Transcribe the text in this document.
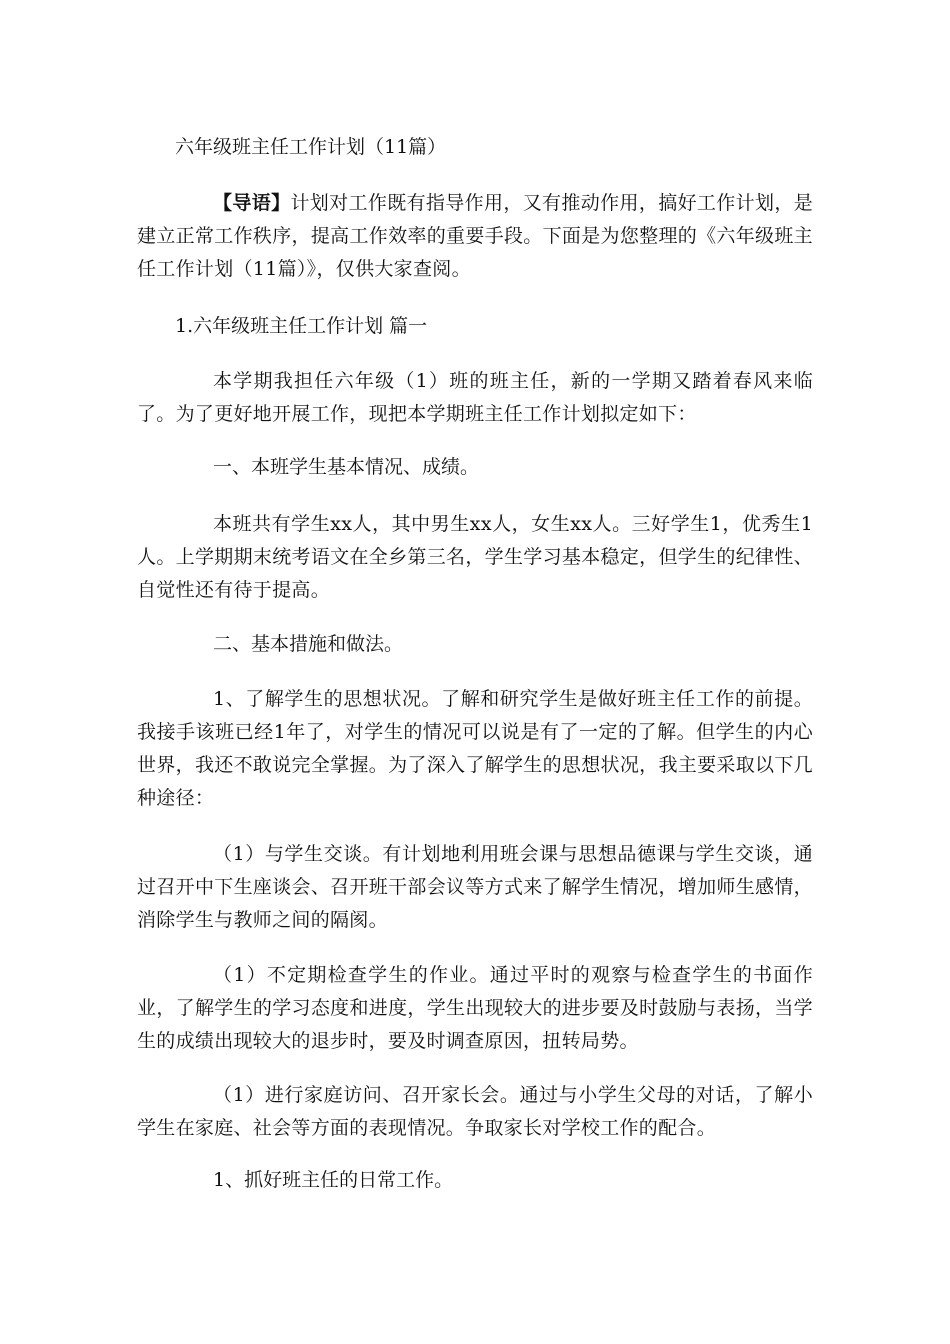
六年级班主任工作计划（11篇）

【导语】计划对工作既有指导作用，又有推动作用，搞好工作计划，是建立正常工作秩序，提高工作效率的重要手段。下面是为您整理的《六年级班主任工作计划（11篇）》，仅供大家查阅。

1.六年级班主任工作计划 篇一

本学期我担任六年级（1）班的班主任，新的一学期又踏着春风来临了。为了更好地开展工作，现把本学期班主任工作计划拟定如下：

一、本班学生基本情况、成绩。

本班共有学生xx人，其中男生xx人，女生xx人。三好学生1，优秀生1人。上学期期末统考语文在全乡第三名，学生学习基本稳定，但学生的纪律性、自觉性还有待于提高。

二、基本措施和做法。

1、了解学生的思想状况。了解和研究学生是做好班主任工作的前提。我接手该班已经1年了，对学生的情况可以说是有了一定的了解。但学生的内心世界，我还不敢说完全掌握。为了深入了解学生的思想状况，我主要采取以下几种途径：

（1）与学生交谈。有计划地利用班会课与思想品德课与学生交谈，通过召开中下生座谈会、召开班干部会议等方式来了解学生情况，增加师生感情，消除学生与教师之间的隔阂。

（1）不定期检查学生的作业。通过平时的观察与检查学生的书面作业，了解学生的学习态度和进度，学生出现较大的进步要及时鼓励与表扬，当学生的成绩出现较大的退步时，要及时调查原因，扭转局势。

（1）进行家庭访问、召开家长会。通过与小学生父母的对话，了解小学生在家庭、社会等方面的表现情况。争取家长对学校工作的配合。

1、抓好班主任的日常工作。
